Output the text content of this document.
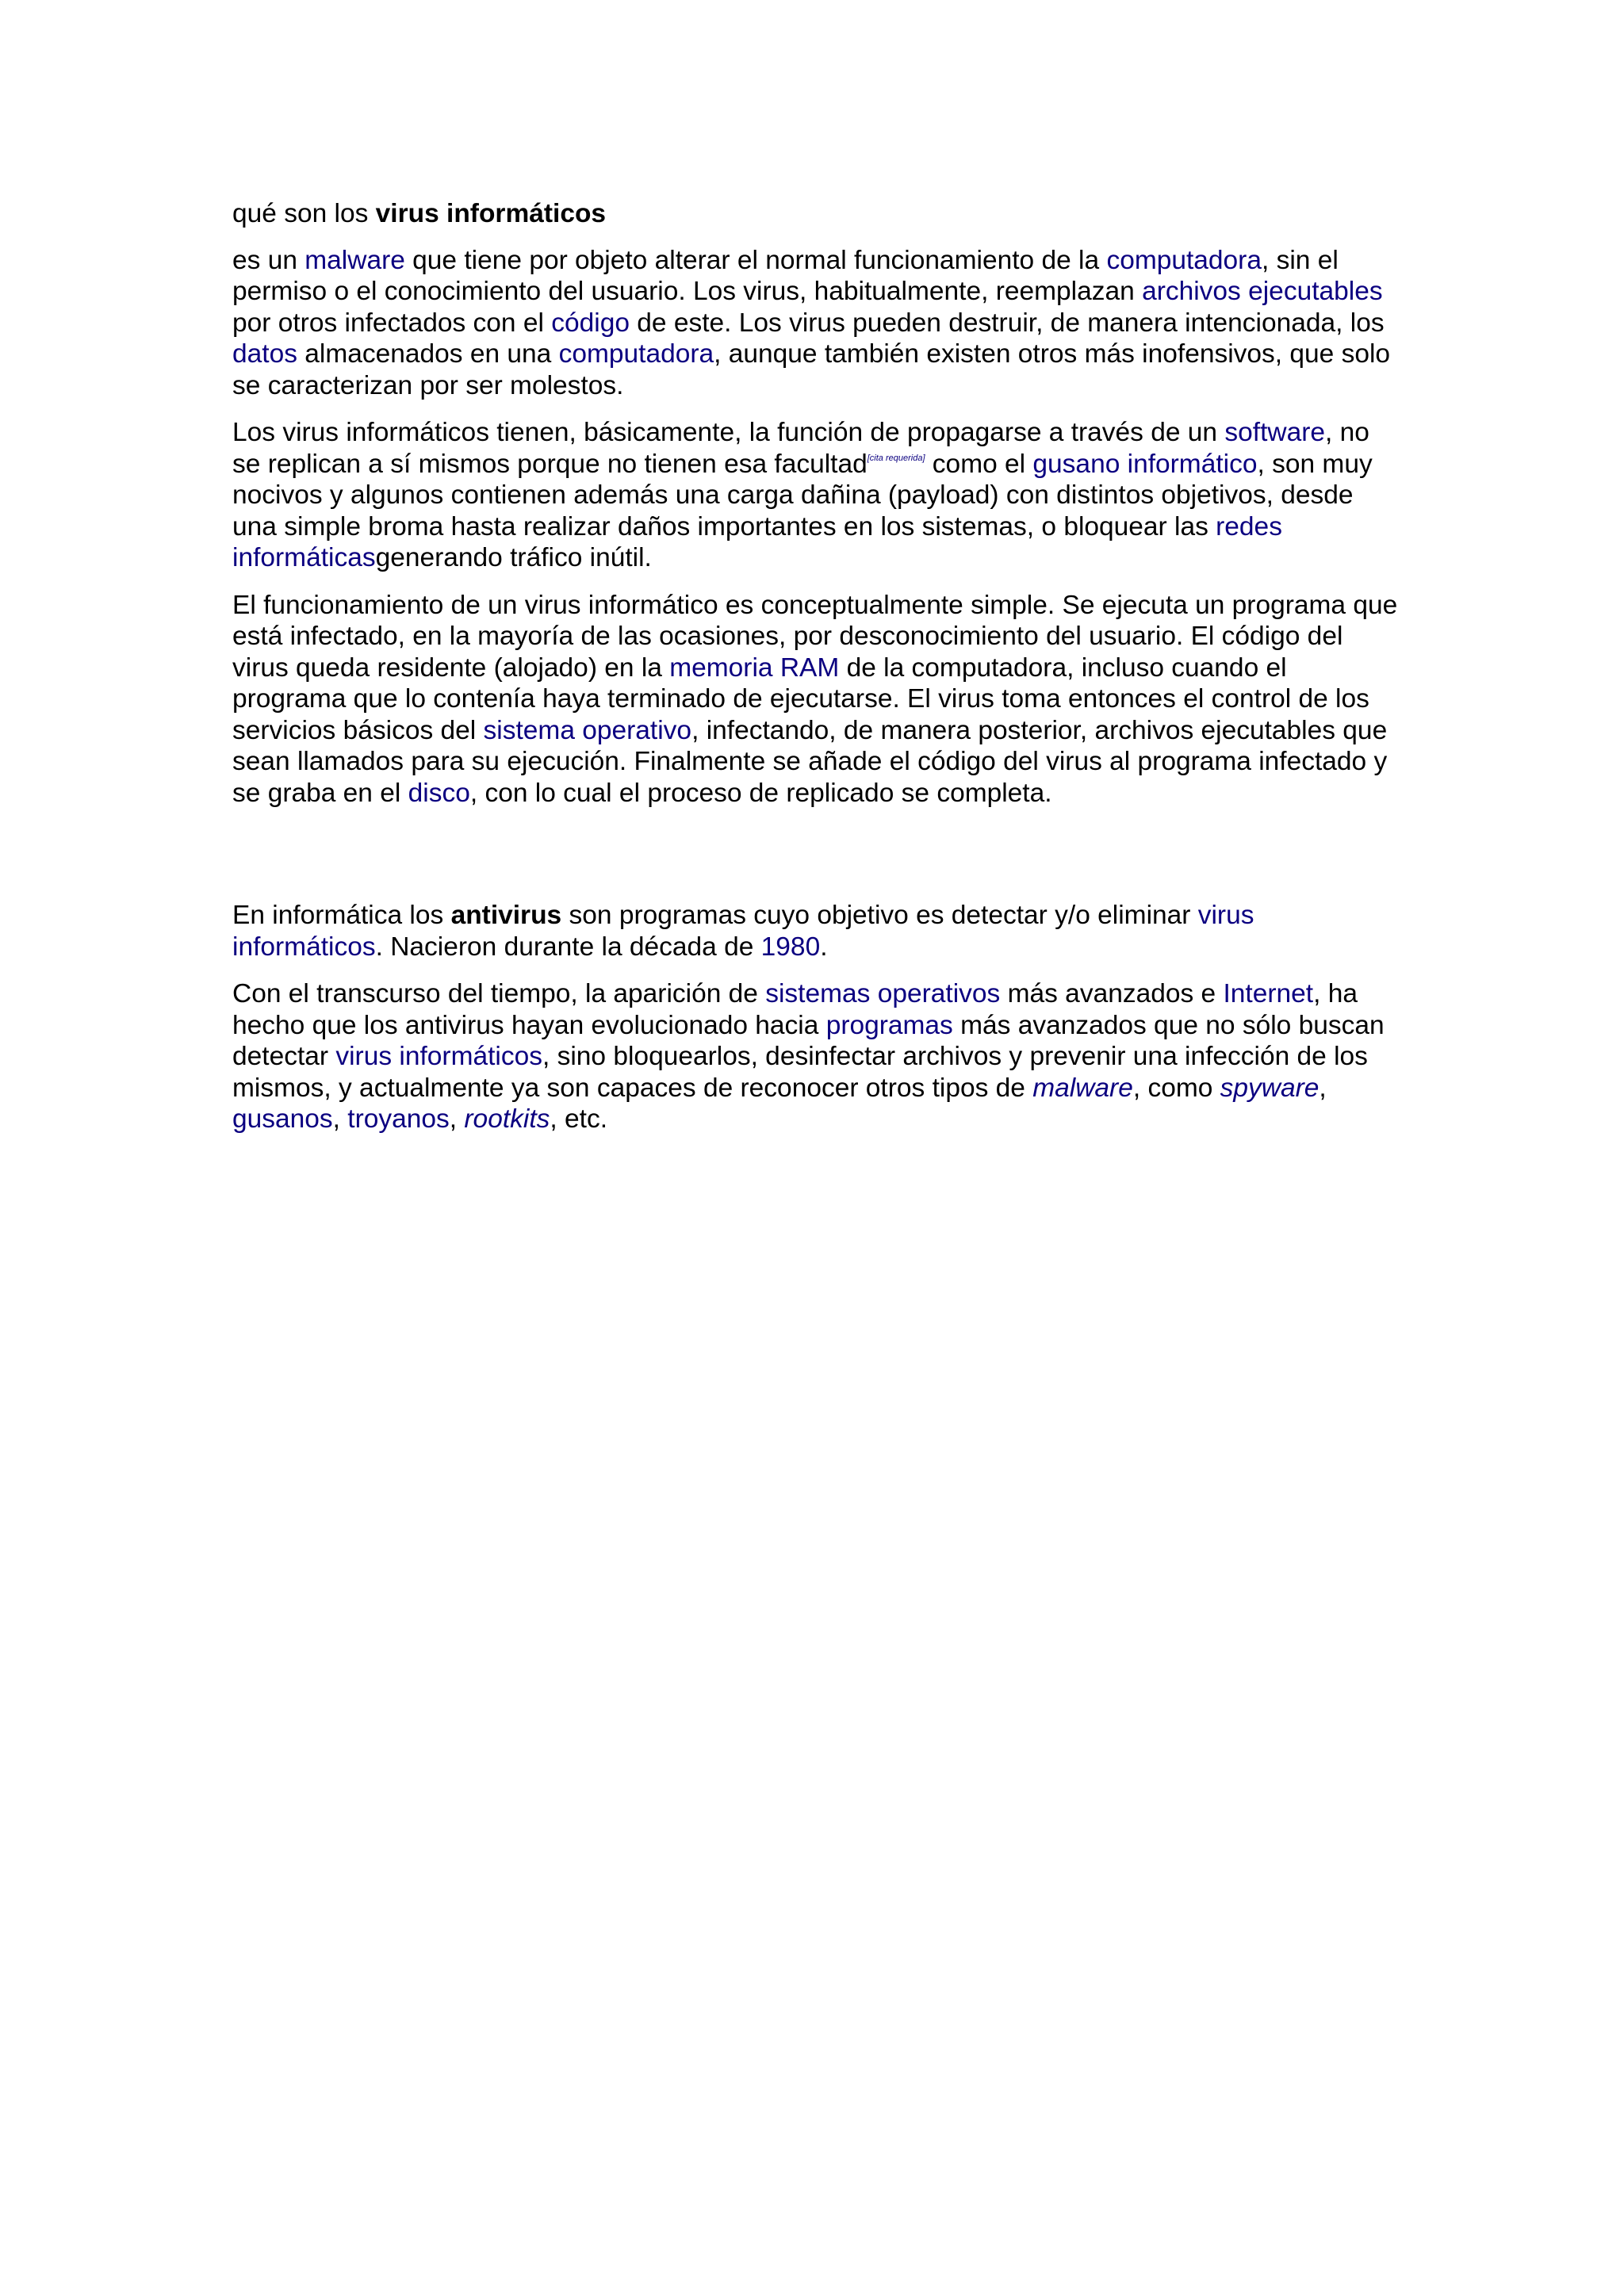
qué son los virus informáticos

es un malware que tiene por objeto alterar el normal funcionamiento de la computadora, sin el permiso o el conocimiento del usuario. Los virus, habitualmente, reemplazan archivos ejecutables por otros infectados con el código de este. Los virus pueden destruir, de manera intencionada, los datos almacenados en una computadora, aunque también existen otros más inofensivos, que solo se caracterizan por ser molestos.

Los virus informáticos tienen, básicamente, la función de propagarse a través de un software, no se replican a sí mismos porque no tienen esa facultad[cita requerida] como el gusano informático, son muy nocivos y algunos contienen además una carga dañina (payload) con distintos objetivos, desde una simple broma hasta realizar daños importantes en los sistemas, o bloquear las redes informáticasgenerando tráfico inútil.

El funcionamiento de un virus informático es conceptualmente simple. Se ejecuta un programa que está infectado, en la mayoría de las ocasiones, por desconocimiento del usuario. El código del virus queda residente (alojado) en la memoria RAM de la computadora, incluso cuando el programa que lo contenía haya terminado de ejecutarse. El virus toma entonces el control de los servicios básicos del sistema operativo, infectando, de manera posterior, archivos ejecutables que sean llamados para su ejecución. Finalmente se añade el código del virus al programa infectado y se graba en el disco, con lo cual el proceso de replicado se completa.

En informática los antivirus son programas cuyo objetivo es detectar y/o eliminar virus informáticos. Nacieron durante la década de 1980.

Con el transcurso del tiempo, la aparición de sistemas operativos más avanzados e Internet, ha hecho que los antivirus hayan evolucionado hacia programas más avanzados que no sólo buscan detectar virus informáticos, sino bloquearlos, desinfectar archivos y prevenir una infección de los mismos, y actualmente ya son capaces de reconocer otros tipos de malware, como spyware, gusanos, troyanos, rootkits, etc.
